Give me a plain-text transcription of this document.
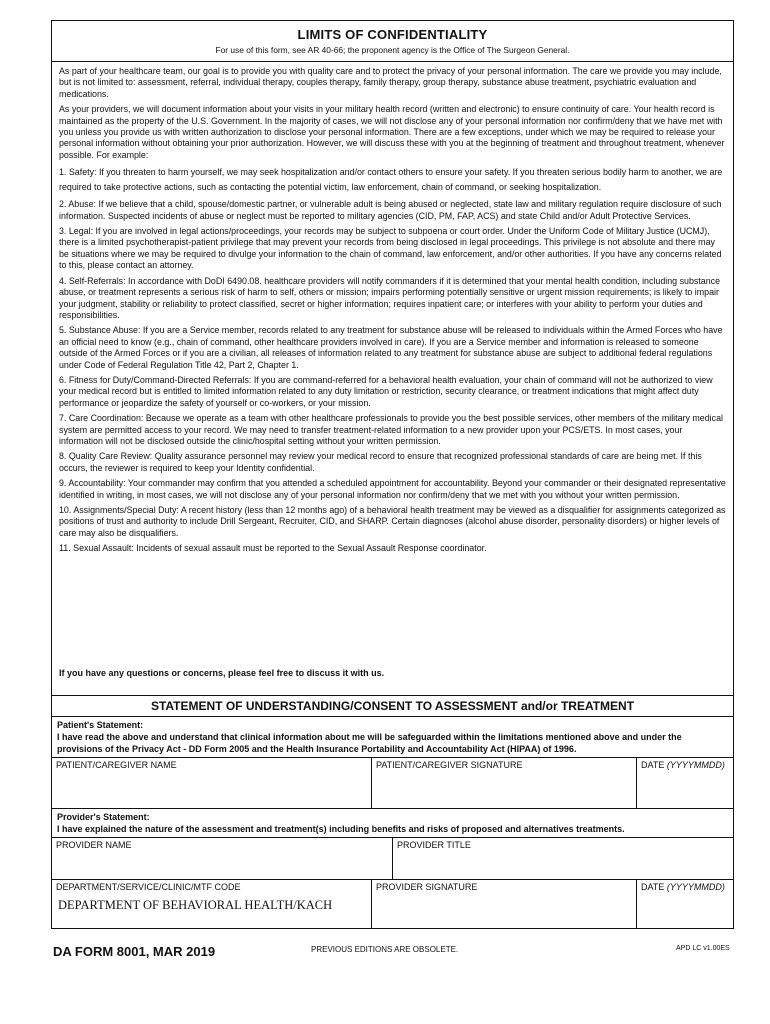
LIMITS OF CONFIDENTIALITY
For use of this form, see AR 40-66; the proponent agency is the Office of The Surgeon General.

As part of your healthcare team, our goal is to provide you with quality care and to protect the privacy of your personal information. The care we provide you may include, but is not limited to: assessment, referral, individual therapy, couples therapy, family therapy, group therapy, substance abuse treatment, psychiatric evaluation and medications.

As your providers, we will document information about your visits in your military health record (written and electronic) to ensure continuity of care. Your health record is maintained as the property of the U.S. Government. In the majority of cases, we will not disclose any of your personal information nor confirm/deny that we have met with you unless you provide us with written authorization to disclose your personal information. There are a few exceptions, under which we may be required to release your personal information without obtaining your prior authorization. However, we will discuss these with you at the beginning of treatment and throughout treatment, whenever possible. For example:

1. Safety: If you threaten to harm yourself, we may seek hospitalization and/or contact others to ensure your safety. If you threaten serious bodily harm to another, we are required to take protective actions, such as contacting the potential victim, law enforcement, chain of command, or seeking hospitalization.
2. Abuse: If we believe that a child, spouse/domestic partner, or vulnerable adult is being abused or neglected, state law and military regulation require disclosure of such information. Suspected incidents of abuse or neglect must be reported to military agencies (CID, PM, FAP, ACS) and state Child and/or Adult Protective Services.
3. Legal: If you are involved in legal actions/proceedings, your records may be subject to subpoena or court order. Under the Uniform Code of Military Justice (UCMJ), there is a limited psychotherapist-patient privilege that may prevent your records from being disclosed in legal proceedings. This privilege is not absolute and there may be situations where we may be required to divulge your information to the chain of command, law enforcement, and/or other authorities. If you have any concerns related to this, please contact an attorney.
4. Self-Referrals: In accordance with DoDI 6490.08. healthcare providers will notify commanders if it is determined that your mental health condition, including substance abuse, or treatment represents a serious risk of harm to self, others or mission; impairs performing potentially sensitive or urgent mission requirements; is likely to impair your judgment, stability or reliability to protect classified, secret or higher information; requires inpatient care; or interferes with your ability to perform your duties and responsibilities.
5. Substance Abuse: If you are a Service member, records related to any treatment for substance abuse will be released to individuals within the Armed Forces who have an official need to know (e.g., chain of command, other healthcare providers involved in care). If you are a Service member and information is released to someone outside of the Armed Forces or if you are a civilian, all releases of information related to any treatment for substance abuse are subject to additional federal regulations under Code of Federal Regulation Title 42, Part 2, Chapter 1.
6. Fitness for Duty/Command-Directed Referrals: If you are command-referred for a behavioral health evaluation, your chain of command will not be authorized to view your medical record but is entitled to limited information related to any duty limitation or restriction, security clearance, or treatment indications that might affect duty performance or jeopardize the safety of yourself or co-workers, or your mission.
7. Care Coordination: Because we operate as a team with other healthcare professionals to provide you the best possible services, other members of the military medical system are permitted access to your record. We may need to transfer treatment-related information to a new provider upon your PCS/ETS. In most cases, your information will not be disclosed outside the clinic/hospital setting without your written permission.
8. Quality Care Review: Quality assurance personnel may review your medical record to ensure that recognized professional standards of care are being met. If this occurs, the reviewer is required to keep your Identity confidential.
9. Accountability: Your commander may confirm that you attended a scheduled appointment for accountability. Beyond your commander or their designated representative identified in writing, in most cases, we will not disclose any of your personal information nor confirm/deny that we met with you without your written permission.
10. Assignments/Special Duty: A recent history (less than 12 months ago) of a behavioral health treatment may be viewed as a disqualifier for assignments categorized as positions of trust and authority to include Drill Sergeant, Recruiter, CID, and SHARP. Certain diagnoses (alcohol abuse disorder, personality disorders) or higher levels of care may also be disqualifiers.
11. Sexual Assault: Incidents of sexual assault must be reported to the Sexual Assault Response coordinator.
If you have any questions or concerns, please feel free to discuss it with us.
STATEMENT OF UNDERSTANDING/CONSENT TO ASSESSMENT and/or TREATMENT
Patient's Statement:
I have read the above and understand that clinical information about me will be safeguarded within the limitations mentioned above and under the provisions of the Privacy Act - DD Form 2005 and the Health Insurance Portability and Accountability Act (HIPAA) of 1996.
PATIENT/CAREGIVER NAME	PATIENT/CAREGIVER SIGNATURE	DATE (YYYYMMDD)
Provider's Statement:
I have explained the nature of the assessment and treatment(s) including benefits and risks of proposed and alternatives treatments.
PROVIDER NAME	PROVIDER TITLE
DEPARTMENT/SERVICE/CLINIC/MTF CODE
DEPARTMENT OF BEHAVIORAL HEALTH/KACH
PROVIDER SIGNATURE	DATE (YYYYMMDD)
DA FORM 8001, MAR 2019	PREVIOUS EDITIONS ARE OBSOLETE.	APD LC v1.00ES
